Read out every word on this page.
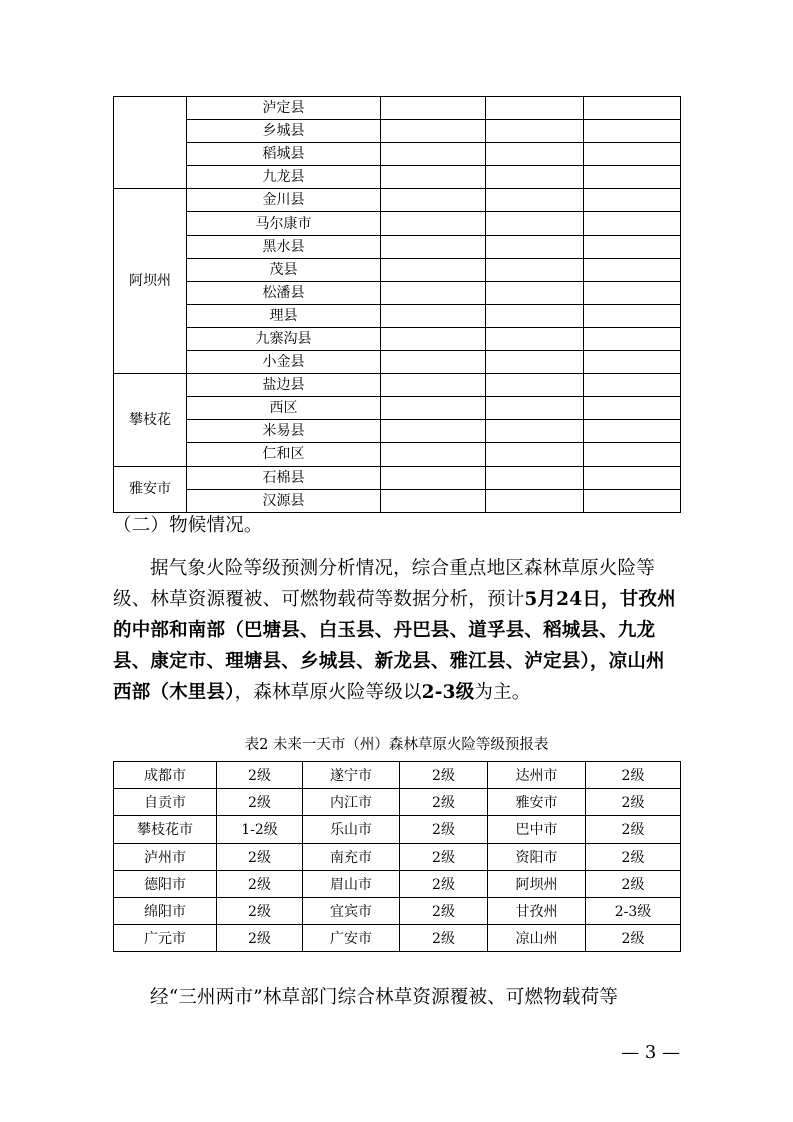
	泸定县			
	乡城县			
	稻城县			
	九龙县			
阿坝州	金川县			
	马尔康市			
	黑水县			
	茂县			
	松潘县			
	理县			
	九寨沟县			
	小金县			
攀枝花	盐边县			
	西区			
	米易县			
	仁和区			
雅安市	石棉县			
	汉源县			

（二）物候情况。

据气象火险等级预测分析情况，综合重点地区森林草原火险等级、林草资源覆被、可燃物载荷等数据分析，预计5月24日，甘孜州的中部和南部（巴塘县、白玉县、丹巴县、道孚县、稻城县、九龙县、康定市、理塘县、乡城县、新龙县、雅江县、泸定县），凉山州西部（木里县），森林草原火险等级以2-3级为主。

表2 未来一天市（州）森林草原火险等级预报表
成都市	2级	遂宁市	2级	达州市	2级
自贡市	2级	内江市	2级	雅安市	2级
攀枝花市	1-2级	乐山市	2级	巴中市	2级
泸州市	2级	南充市	2级	资阳市	2级
德阳市	2级	眉山市	2级	阿坝州	2级
绵阳市	2级	宜宾市	2级	甘孜州	2-3级
广元市	2级	广安市	2级	凉山州	2级

经“三州两市”林草部门综合林草资源覆被、可燃物载荷等

— 3 —
